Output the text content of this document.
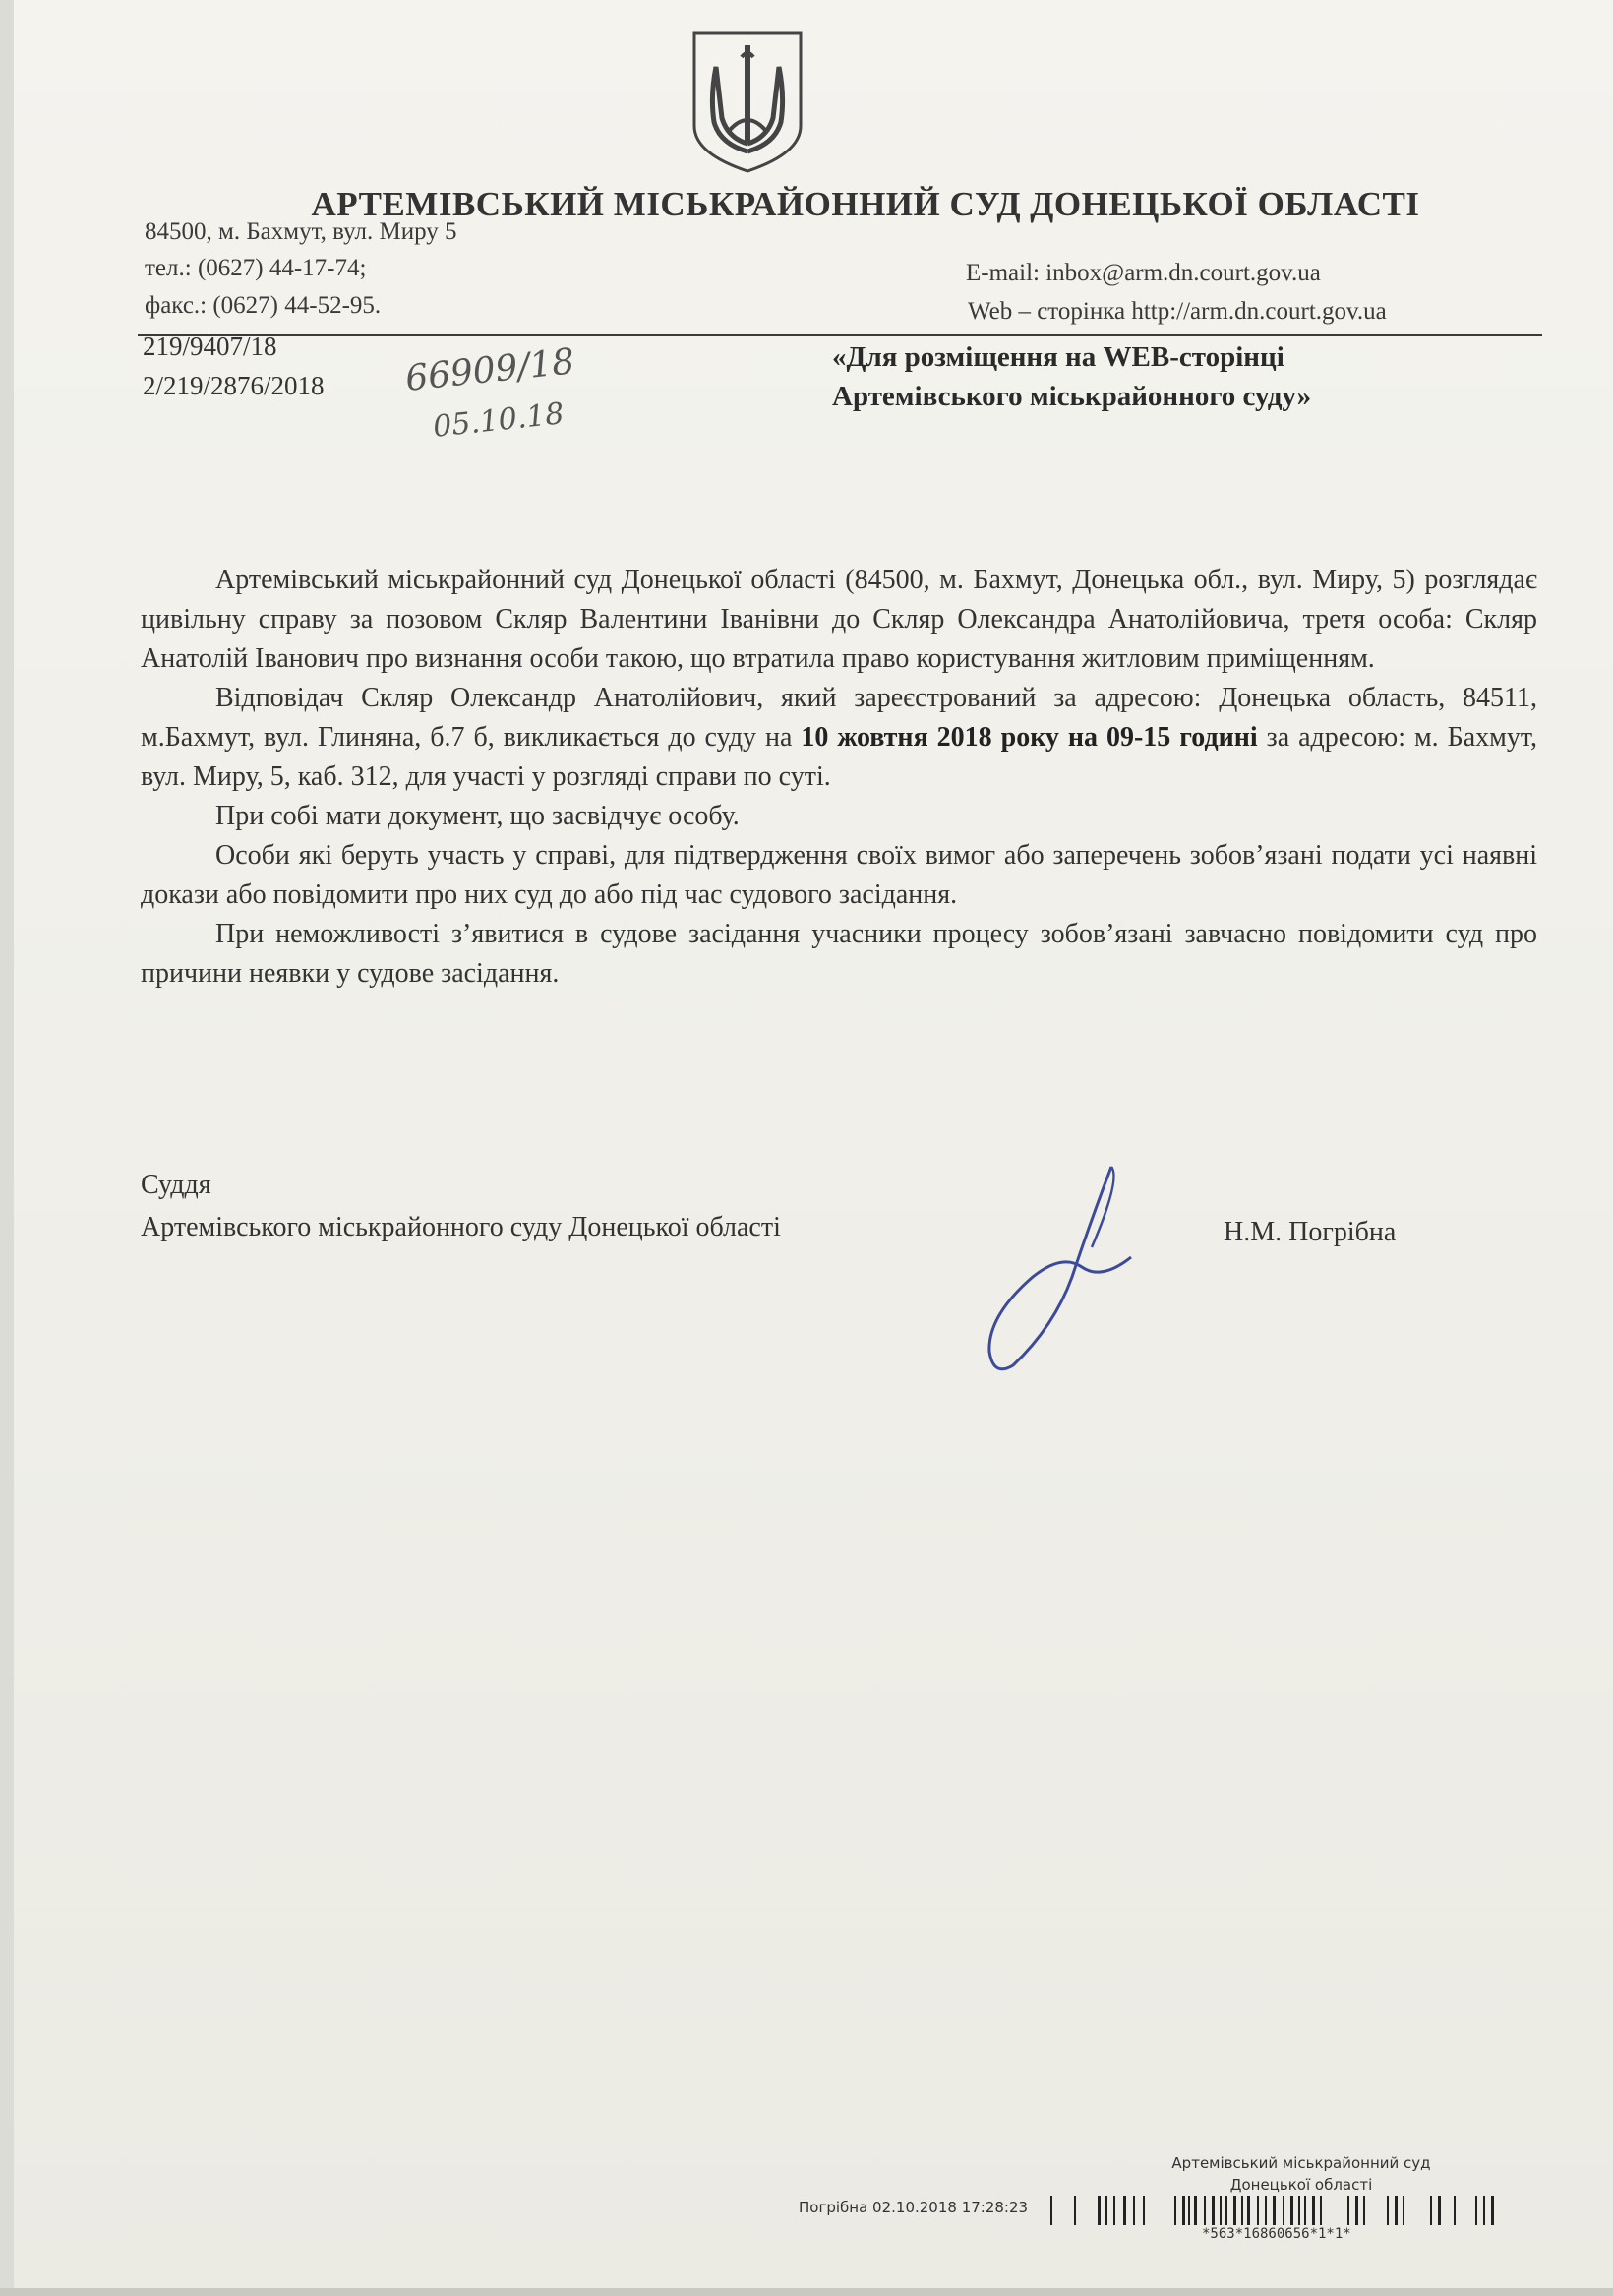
АРТЕМІВСЬКИЙ МІСЬКРАЙОННИЙ СУД ДОНЕЦЬКОЇ ОБЛАСТІ
84500, м. Бахмут, вул. Миру 5
тел.: (0627) 44-17-74;
факс.: (0627) 44-52-95.
E-mail: inbox@arm.dn.court.gov.ua
Web – сторінка http://arm.dn.court.gov.ua
219/9407/18
2/219/2876/2018 66909/18
05.10.18
«Для розміщення на WEB-сторінці
Артемівського міськрайонного суду»

Артемівський міськрайонний суд Донецької області (84500, м. Бахмут, Донецька обл., вул. Миру, 5) розглядає цивільну справу за позовом Скляр Валентини Іванівни до Скляр Олександра Анатолійовича, третя особа: Скляр Анатолій Іванович про визнання особи такою, що втратила право користування житловим приміщенням.

Відповідач Скляр Олександр Анатолійович, який зареєстрований за адресою: Донецька область, 84511, м.Бахмут, вул. Глиняна, б.7 б, викликається до суду на 10 жовтня 2018 року на 09-15 годині за адресою: м. Бахмут, вул. Миру, 5, каб. 312, для участі у розгляді справи по суті.

При собі мати документ, що засвідчує особу.

Особи які беруть участь у справі, для підтвердження своїх вимог або заперечень зобов’язані подати усі наявні докази або повідомити про них суд до або під час судового засідання.

При неможливості з’явитися в судове засідання учасники процесу зобов’язані завчасно повідомити суд про причини неявки у судове засідання.

Суддя
Артемівського міськрайонного суду Донецької області	Н.М. Погрібна
Артемівський міськрайонний суд
Донецької області
Погрібна 02.10.2018 17:28:23
*563*16860656*1*1*
